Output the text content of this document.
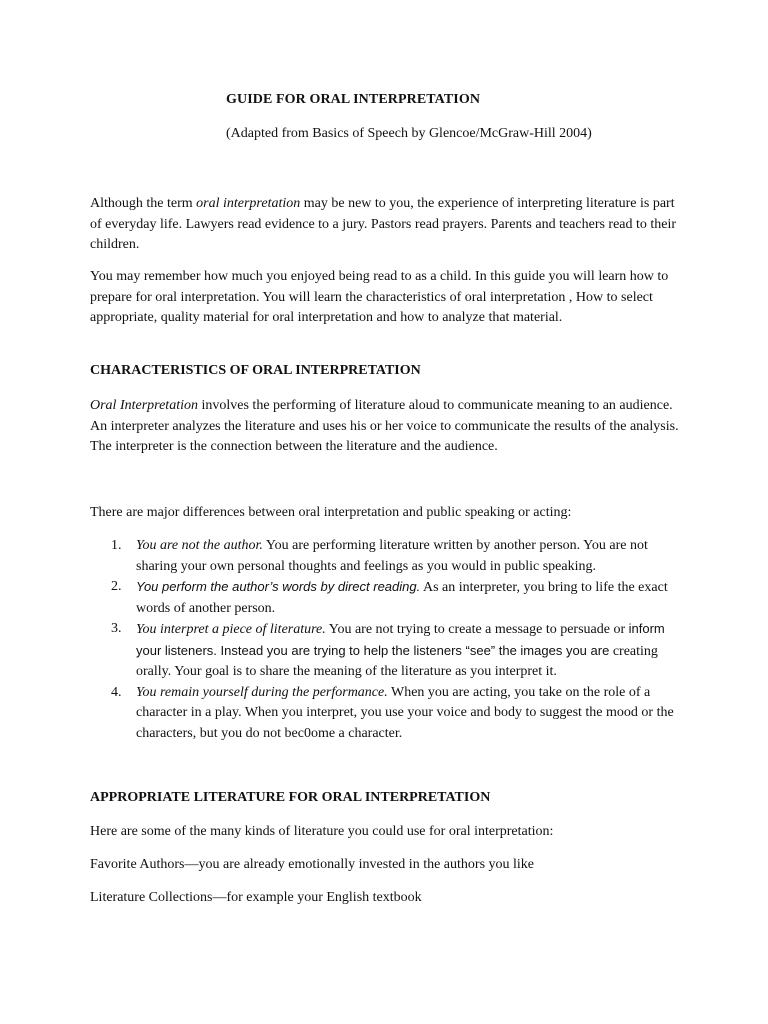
GUIDE FOR ORAL INTERPRETATION

(Adapted from Basics of Speech by Glencoe/McGraw-Hill 2004)

Although the term oral interpretation may be new to you, the experience of interpreting literature is part of everyday life. Lawyers read evidence to a jury. Pastors read prayers. Parents and teachers read to their children.

You may remember how much you enjoyed being read to as a child. In this guide you will learn how to prepare for oral interpretation. You will learn the characteristics of oral interpretation , How to select appropriate, quality material for oral interpretation and how to analyze that material.

CHARACTERISTICS OF ORAL INTERPRETATION

Oral Interpretation involves the performing of literature aloud to communicate meaning to an audience. An interpreter analyzes the literature and uses his or her voice to communicate the results of the analysis. The interpreter is the connection between the literature and the audience.

There are major differences between oral interpretation and public speaking or acting:

1. You are not the author. You are performing literature written by another person. You are not sharing your own personal thoughts and feelings as you would in public speaking.
2. You perform the author’s words by direct reading. As an interpreter, you bring to life the exact words of another person.
3. You interpret a piece of literature. You are not trying to create a message to persuade or inform your listeners. Instead you are trying to help the listeners “see” the images you are creating orally. Your goal is to share the meaning of the literature as you interpret it.
4. You remain yourself during the performance. When you are acting, you take on the role of a character in a play. When you interpret, you use your voice and body to suggest the mood or the characters, but you do not bec0ome a character.

APPROPRIATE LITERATURE FOR ORAL INTERPRETATION

Here are some of the many kinds of literature you could use for oral interpretation:

Favorite Authors—you are already emotionally invested in the authors you like

Literature Collections—for example your English textbook
